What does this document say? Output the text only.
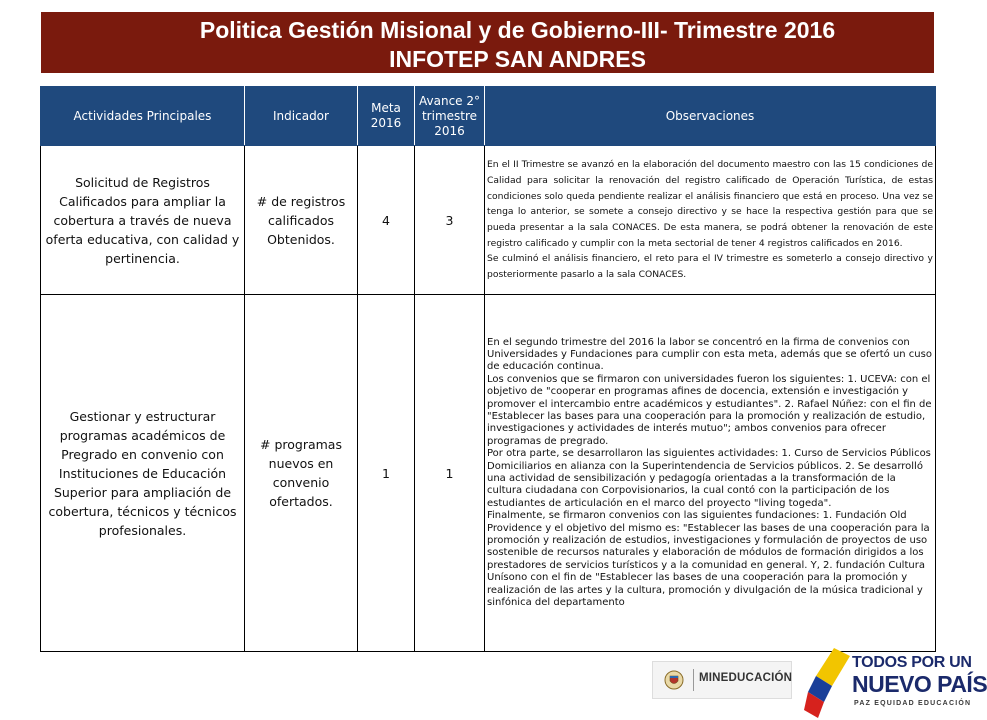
Politica Gestión Misional y de Gobierno-III- Trimestre 2016
INFOTEP SAN ANDRES
Actividades Principales	Indicador	Meta 2016	Avance 2° trimestre 2016	Observaciones
Solicitud de Registros Calificados para ampliar la cobertura a través de nueva oferta educativa, con calidad y pertinencia.	# de registros calificados Obtenidos.	4	3	En el II Trimestre se avanzó en la elaboración del documento maestro con las 15 condiciones de Calidad para solicitar la renovación del registro calificado de Operación Turística, de estas condiciones solo queda pendiente realizar el análisis financiero que está en proceso. Una vez se tenga lo anterior, se somete a consejo directivo y se hace la respectiva gestión para que se pueda presentar a la sala CONACES. De esta manera, se podrá obtener la renovación de este registro calificado y cumplir con la meta sectorial de tener 4 registros calificados en 2016.

Se culminó el análisis financiero, el reto para el IV trimestre es someterlo a consejo directivo y posteriormente pasarlo a la sala CONACES.

Gestionar y estructurar programas académicos de Pregrado en convenio con Instituciones de Educación Superior para ampliación de cobertura, técnicos y técnicos profesionales.	# programas nuevos en convenio ofertados.	1	1	En el segundo trimestre del 2016 la labor se concentró en la firma de convenios con Universidades y Fundaciones para cumplir con esta meta, además que se ofertó un cuso de educación continua.

Los convenios que se firmaron con universidades fueron los siguientes: 1. UCEVA: con el objetivo de "cooperar en programas afines de docencia, extensión e investigación y promover el intercambio entre académicos y estudiantes". 2. Rafael Núñez: con el fin de "Establecer las bases para una cooperación para la promoción y realización de estudio, investigaciones y actividades de interés mutuo"; ambos convenios para ofrecer programas de pregrado.

Por otra parte, se desarrollaron las siguientes actividades: 1. Curso de Servicios Públicos Domiciliarios en alianza con la Superintendencia de Servicios públicos. 2. Se desarrolló una actividad de sensibilización y pedagogía orientadas a la transformación de la cultura ciudadana con Corpovisionarios, la cual contó con la participación de los estudiantes de articulación en el marco del proyecto "living togeda".

Finalmente, se firmaron convenios con las siguientes fundaciones: 1. Fundación Old Providence y el objetivo del mismo es: "Establecer las bases de una cooperación para la promoción y realización de estudios, investigaciones y formulación de proyectos de uso sostenible de recursos naturales y elaboración de módulos de formación dirigidos a los prestadores de servicios turísticos y a la comunidad en general. Y, 2. fundación Cultura Unísono con el fin de "Establecer las bases de una cooperación para la promoción y realización de las artes y la cultura, promoción y divulgación de la música tradicional y sinfónica del departamento

MINEDUCACIÓN
TODOS POR UN
NUEVO PAÍS
PAZ EQUIDAD EDUCACIÓN
